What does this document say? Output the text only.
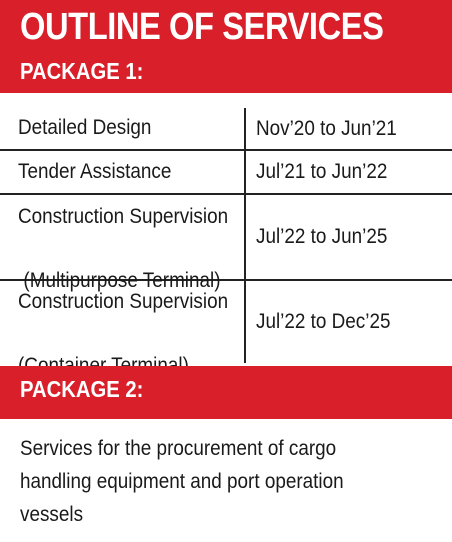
OUTLINE OF SERVICES
PACKAGE 1:
Detailed Design	Nov’20 to Jun’21
Tender Assistance	Jul’21 to Jun’22
Construction Supervision

(Multipurpose Terminal)
Jul’22 to Jun’25
Construction Supervision

Jul’22 to Dec’25
PACKAGE 2:
Services for the procurement of cargo
handling equipment and port operation
vessels
